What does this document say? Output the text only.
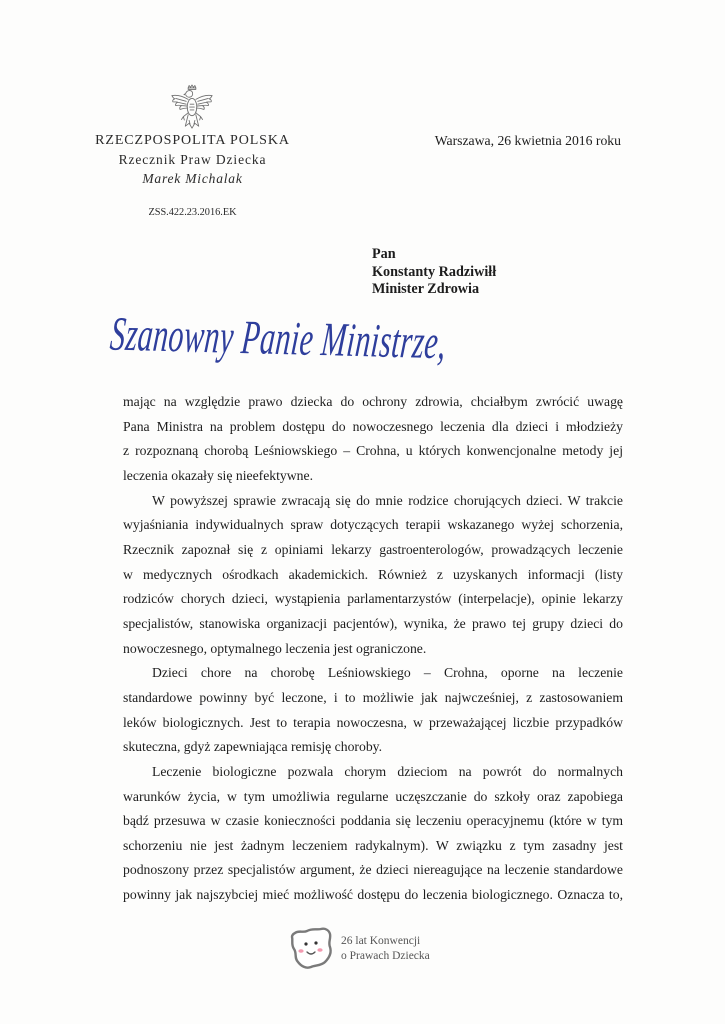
RZECZPOSPOLITA POLSKA
Rzecznik Praw Dziecka
Marek Michalak
ZSS.422.23.2016.EK
Warszawa, 26 kwietnia 2016 roku
Pan
Konstanty Radziwiłł
Minister Zdrowia
Szanowny Panie Ministrze,
mając na względzie prawo dziecka do ochrony zdrowia, chciałbym zwrócić uwagę
Pana Ministra na problem dostępu do nowoczesnego leczenia dla dzieci i młodzieży
z rozpoznaną chorobą Leśniowskiego – Crohna, u których konwencjonalne metody jej
leczenia okazały się nieefektywne.
W powyższej sprawie zwracają się do mnie rodzice chorujących dzieci. W trakcie
wyjaśniania indywidualnych spraw dotyczących terapii wskazanego wyżej schorzenia,
Rzecznik zapoznał się z opiniami lekarzy gastroenterologów, prowadzących leczenie
w medycznych ośrodkach akademickich. Również z uzyskanych informacji (listy
rodziców chorych dzieci, wystąpienia parlamentarzystów (interpelacje), opinie lekarzy
specjalistów, stanowiska organizacji pacjentów), wynika, że prawo tej grupy dzieci do
nowoczesnego, optymalnego leczenia jest ograniczone.
Dzieci chore na chorobę Leśniowskiego – Crohna, oporne na leczenie
standardowe powinny być leczone, i to możliwie jak najwcześniej, z zastosowaniem
leków biologicznych. Jest to terapia nowoczesna, w przeważającej liczbie przypadków
skuteczna, gdyż zapewniająca remisję choroby.
Leczenie biologiczne pozwala chorym dzieciom na powrót do normalnych
warunków życia, w tym umożliwia regularne uczęszczanie do szkoły oraz zapobiega
bądź przesuwa w czasie konieczności poddania się leczeniu operacyjnemu (które w tym
schorzeniu nie jest żadnym leczeniem radykalnym). W związku z tym zasadny jest
podnoszony przez specjalistów argument, że dzieci niereagujące na leczenie standardowe
powinny jak najszybciej mieć możliwość dostępu do leczenia biologicznego. Oznacza to,
26 lat Konwencji
o Prawach Dziecka
